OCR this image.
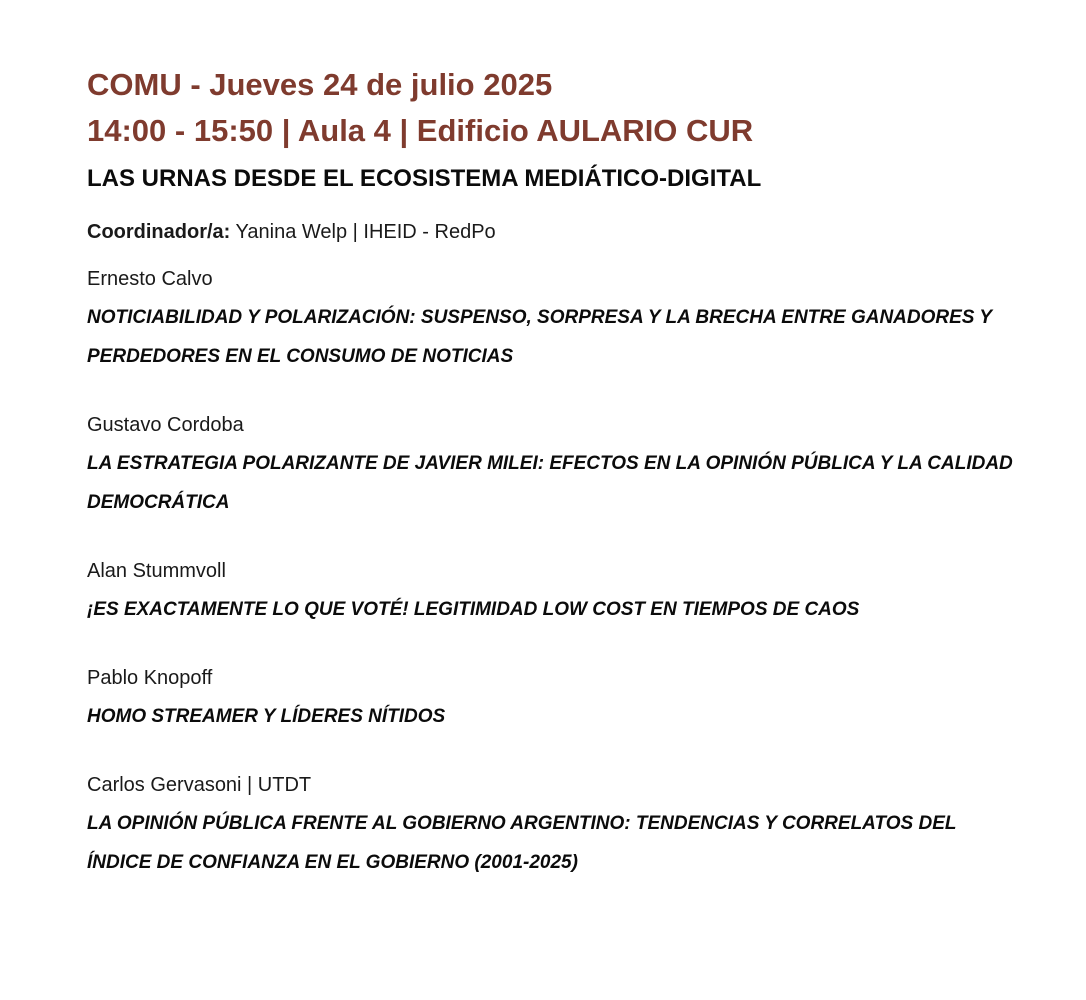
COMU - Jueves 24 de julio 2025
14:00 - 15:50 | Aula 4 | Edificio AULARIO CUR
LAS URNAS DESDE EL ECOSISTEMA MEDIÁTICO-DIGITAL
Coordinador/a: Yanina Welp | IHEID - RedPo
Ernesto Calvo
NOTICIABILIDAD Y POLARIZACIÓN: SUSPENSO, SORPRESA Y LA BRECHA ENTRE GANADORES Y PERDEDORES EN EL CONSUMO DE NOTICIAS
Gustavo Cordoba
LA ESTRATEGIA POLARIZANTE DE JAVIER MILEI: EFECTOS EN LA OPINIÓN PÚBLICA Y LA CALIDAD DEMOCRÁTICA
Alan Stummvoll
¡ES EXACTAMENTE LO QUE VOTÉ! LEGITIMIDAD LOW COST EN TIEMPOS DE CAOS
Pablo Knopoff
HOMO STREAMER Y LÍDERES NÍTIDOS
Carlos Gervasoni | UTDT
LA OPINIÓN PÚBLICA FRENTE AL GOBIERNO ARGENTINO: TENDENCIAS Y CORRELATOS DEL ÍNDICE DE CONFIANZA EN EL GOBIERNO (2001-2025)
